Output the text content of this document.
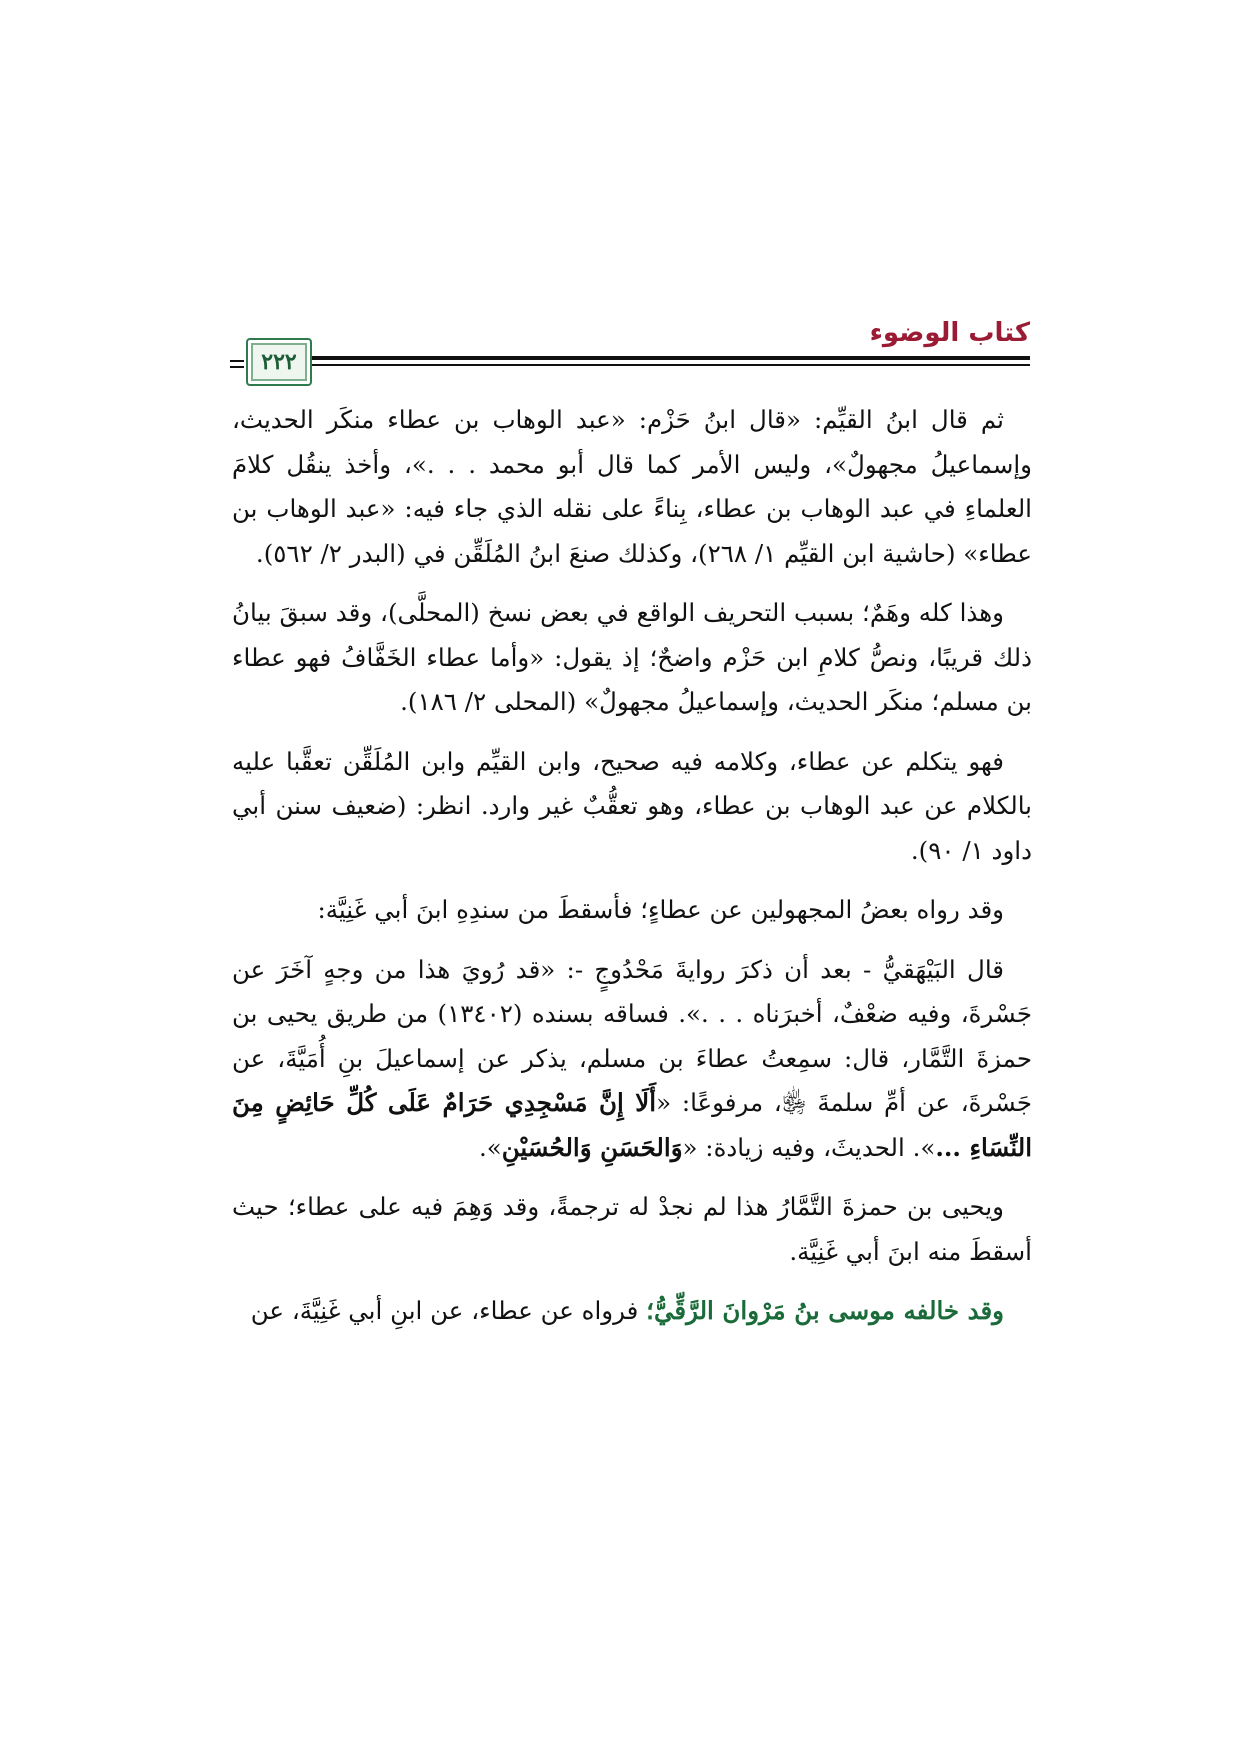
كتاب الوضوء
٢٢٢

ثم قال ابنُ القيِّم: «قال ابنُ حَزْم: «عبد الوهاب بن عطاء منكَر الحديث، وإسماعيلُ مجهولٌ»، وليس الأمر كما قال أبو محمد . . .»، وأخذ ينقُل كلامَ العلماءِ في عبد الوهاب بن عطاء، بِناءً على نقله الذي جاء فيه: «عبد الوهاب بن عطاء» (حاشية ابن القيِّم ١/ ٢٦٨)، وكذلك صنعَ ابنُ المُلَقِّن في (البدر ٢/ ٥٦٢).

وهذا كله وهَمٌ؛ بسبب التحريف الواقع في بعض نسخ (المحلَّى)، وقد سبقَ بيانُ ذلك قريبًا، ونصُّ كلامِ ابن حَزْم واضحٌ؛ إذ يقول: «وأما عطاء الخَفَّافُ فهو عطاء بن مسلم؛ منكَر الحديث، وإسماعيلُ مجهولٌ» (المحلى ٢/ ١٨٦).

فهو يتكلم عن عطاء، وكلامه فيه صحيح، وابن القيِّم وابن المُلَقِّن تعقَّبا عليه بالكلام عن عبد الوهاب بن عطاء، وهو تعقُّبٌ غير وارد. انظر: (ضعيف سنن أبي داود ١/ ٩٠).

وقد رواه بعضُ المجهولين عن عطاءٍ؛ فأسقطَ من سندِهِ ابنَ أبي غَنِيَّة:

قال البَيْهَقيُّ - بعد أن ذكرَ روايةَ مَحْدُوجٍ -: «قد رُويَ هذا من وجهٍ آخَرَ عن جَسْرةَ، وفيه ضعْفٌ، أخبرَناه . . .». فساقه بسنده (١٣٤٠٢) من طريق يحيى بن حمزةَ التَّمَّار، قال: سمِعتُ عطاءَ بن مسلم، يذكر عن إسماعيلَ بنِ أُمَيَّةَ، عن جَسْرةَ، عن أمِّ سلمةَ ﵂، مرفوعًا: «أَلَا إِنَّ مَسْجِدِي حَرَامٌ عَلَى كُلِّ حَائِضٍ مِنَ النِّسَاءِ ...». الحديثَ، وفيه زيادة: «وَالحَسَنِ وَالحُسَيْنِ».

ويحيى بن حمزةَ التَّمَّارُ هذا لم نجدْ له ترجمةً، وقد وَهِمَ فيه على عطاء؛ حيث أسقطَ منه ابنَ أبي غَنِيَّة.

وقد خالفه موسى بنُ مَرْوانَ الرَّقِّيُّ؛ فرواه عن عطاء، عن ابنِ أبي غَنِيَّةَ، عن
